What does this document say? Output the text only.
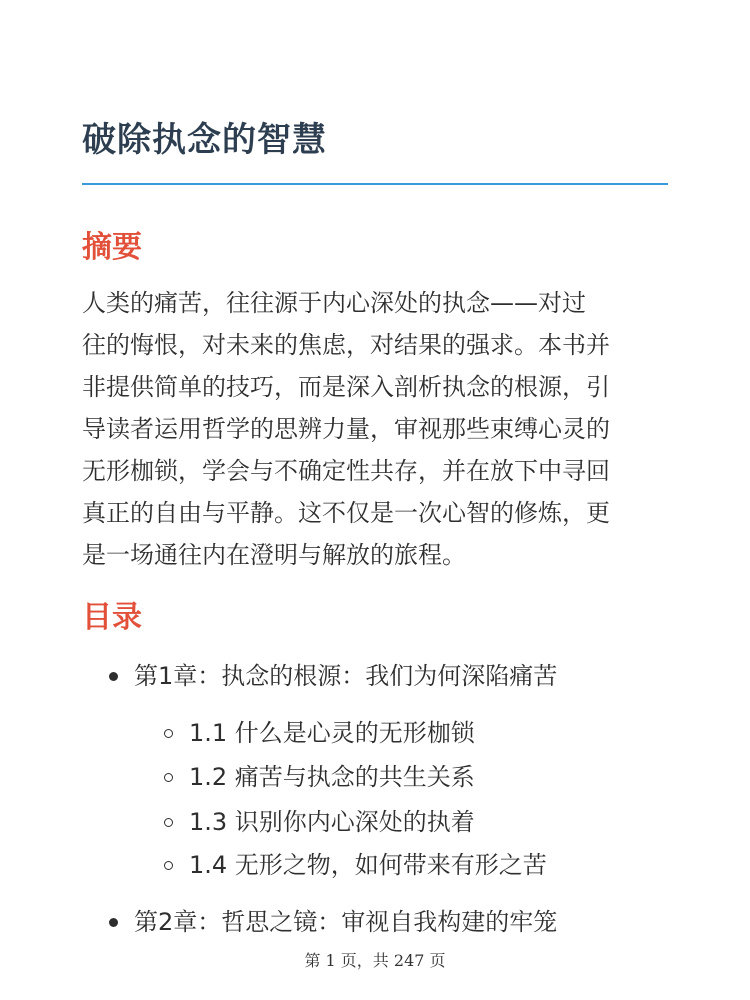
破除执念的智慧
摘要
人类的痛苦，往往源于内心深处的执念——对过
往的悔恨，对未来的焦虑，对结果的强求。本书并
非提供简单的技巧，而是深入剖析执念的根源，引
导读者运用哲学的思辨力量，审视那些束缚心灵的
无形枷锁，学会与不确定性共存，并在放下中寻回
真正的自由与平静。这不仅是一次心智的修炼，更
是一场通往内在澄明与解放的旅程。
目录
第1章：执念的根源：我们为何深陷痛苦
1.1 什么是心灵的无形枷锁
1.2 痛苦与执念的共生关系
1.3 识别你内心深处的执着
1.4 无形之物，如何带来有形之苦
第2章：哲思之镜：审视自我构建的牢笼
第 1 页，共 247 页
